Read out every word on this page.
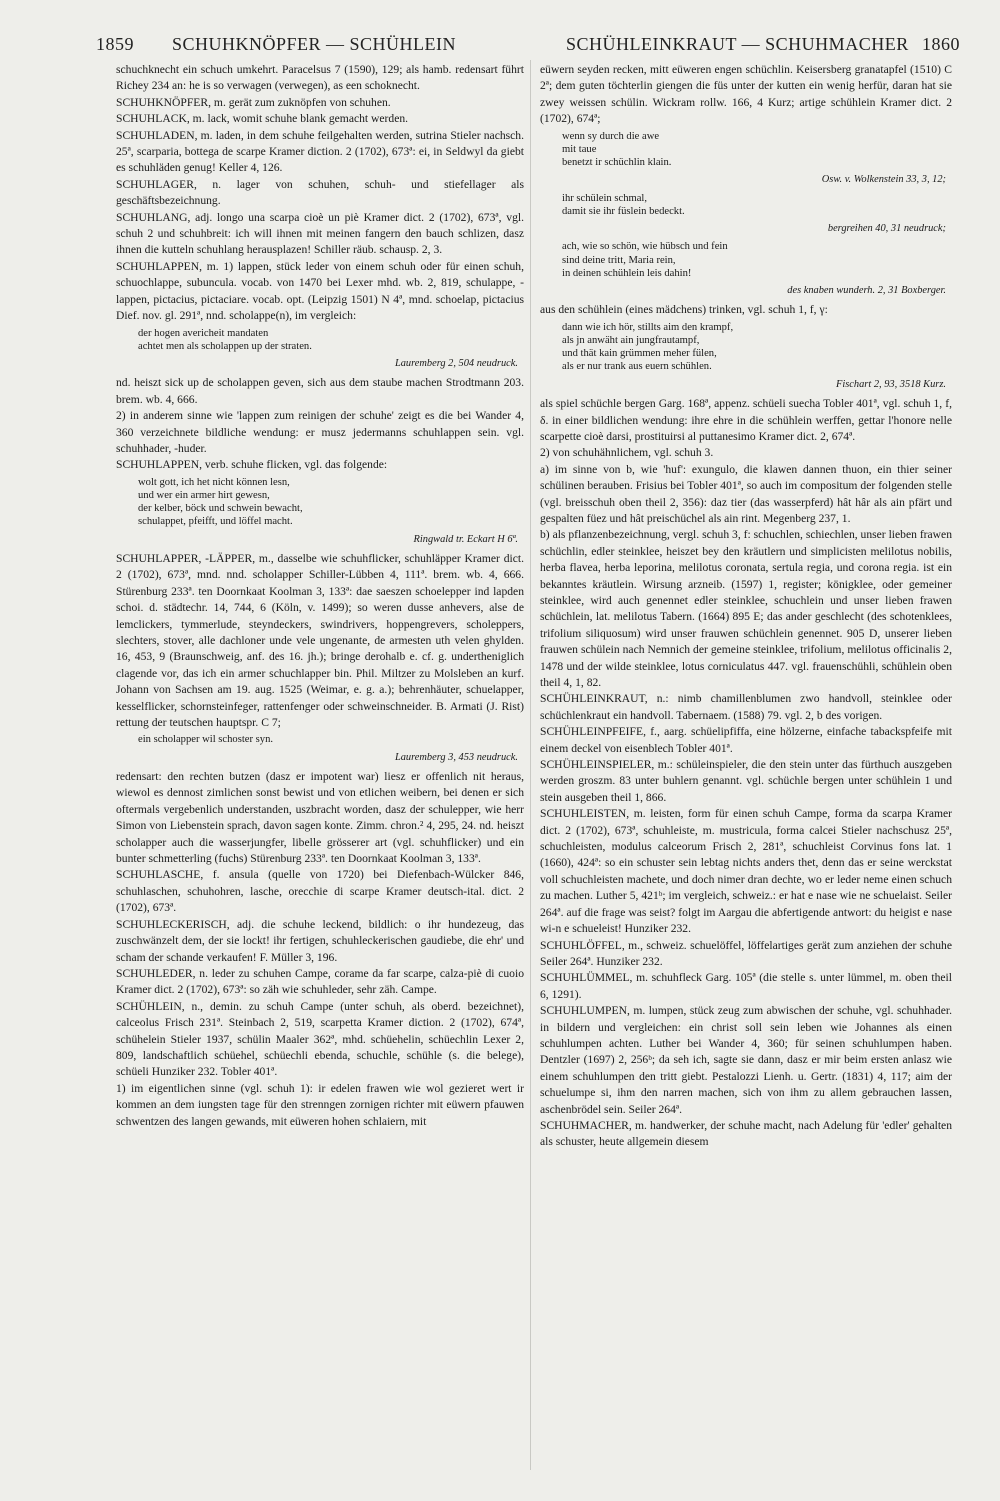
1859 SCHUHKNÖPFER — SCHÜHLEIN	SCHÜHLEINKRAUT — SCHUHMACHER 1860

schuchknecht ein schuch umkehrt. Paracelsus 7 (1590), 129; als hamb. redensart führt Richey 234 an: he is so verwagen (verwegen), as een schoknecht.

SCHUHKNÖPFER, m. gerät zum zuknöpfen von schuhen.

SCHUHLACK, m. lack, womit schuhe blank gemacht werden.

SCHUHLADEN, m. laden, in dem schuhe feilgehalten werden, sutrina Stieler nachsch. 25ª, scarparia, bottega de scarpe Kramer diction. 2 (1702), 673ª: ei, in Seldwyl da giebt es schuhläden genug! Keller 4, 126.

SCHUHLAGER, n. lager von schuhen, schuh- und stiefellager als geschäftsbezeichnung.

SCHUHLANG, adj. longo una scarpa cioè un piè Kramer dict. 2 (1702), 673ª, vgl. schuh 2 und schuhbreit: ich will ihnen mit meinen fangern den bauch schlizen, dasz ihnen die kutteln schuhlang herausplazen! Schiller räub. schausp. 2, 3.

SCHUHLAPPEN, m. 1) lappen, stück leder von einem schuh oder für einen schuh, schuochlappe, subuncula. vocab. von 1470 bei Lexer mhd. wb. 2, 819, schulappe, -lappen, pictacius, pictaciare. vocab. opt. (Leipzig 1501) N 4ª, mnd. schoelap, pictacius Dief. nov. gl. 291ª, nnd. scholappe(n), im vergleich:

der hogen avericheit mandaten
achtet men als scholappen up der straten.
Lauremberg 2, 504 neudruck.

nd. heiszt sick up de scholappen geven, sich aus dem staube machen Strodtmann 203. brem. wb. 4, 666.

2) in anderem sinne wie 'lappen zum reinigen der schuhe' zeigt es die bei Wander 4, 360 verzeichnete bildliche wendung: er musz jedermanns schuhlappen sein. vgl. schuhhader, -huder.

SCHUHLAPPEN, verb. schuhe flicken, vgl. das folgende:

wolt gott, ich het nicht können lesn,
und wer ein armer hirt gewesn,
der kelber, böck und schwein bewacht,
schulappet, pfeifft, und löffel macht.
Ringwald tr. Eckart H 6ª.

SCHUHLAPPER, -LÄPPER, m., dasselbe wie schuhflicker, schuhläpper Kramer dict. 2 (1702), 673ª, mnd. nnd. scholapper Schiller-Lübben 4, 111ª. brem. wb. 4, 666. Stürenburg 233ª. ten Doornkaat Koolman 3, 133ª: dae saeszen schoelepper ind lapden schoi. d. städtechr. 14, 744, 6 (Köln, v. 1499); so weren dusse anhevers, alse de lemclickers, tymmerlude, steyndeckers, swindrivers, hoppengrevers, scholeppers, slechters, stover, alle dachloner unde vele ungenante, de armesten uth velen ghylden. 16, 453, 9 (Braunschweig, anf. des 16. jh.); bringe derohalb e. cf. g. undertheniglich clagende vor, das ich ein armer schuchlapper bin. Phil. Miltzer zu Molsleben an kurf. Johann von Sachsen am 19. aug. 1525 (Weimar, e. g. a.); behrenhäuter, schuelapper, kesselflicker, schornsteinfeger, rattenfenger oder schweinschneider. B. Armati (J. Rist) rettung der teutschen hauptspr. C 7;

ein scholapper wil schoster syn.
Lauremberg 3, 453 neudruck.

redensart: den rechten butzen (dasz er impotent war) liesz er offenlich nit heraus, wiewol es dennost zimlichen sonst bewist und von etlichen weibern, bei denen er sich oftermals vergebenlich understanden, uszbracht worden, dasz der schulepper, wie herr Simon von Liebenstein sprach, davon sagen konte. Zimm. chron.² 4, 295, 24. nd. heiszt scholapper auch die wasserjungfer, libelle grösserer art (vgl. schuhflicker) und ein bunter schmetterling (fuchs) Stürenburg 233ª. ten Doornkaat Koolman 3, 133ª.

SCHUHLASCHE, f. ansula (quelle von 1720) bei Diefenbach-Wülcker 846, schuhlaschen, schuhohren, lasche, orecchie di scarpe Kramer deutsch-ital. dict. 2 (1702), 673ª.

SCHUHLECKERISCH, adj. die schuhe leckend, bildlich: o ihr hundezeug, das zuschwänzelt dem, der sie lockt! ihr fertigen, schuhleckerischen gaudiebe, die ehr' und scham der schande verkaufen! F. Müller 3, 196.

SCHUHLEDER, n. leder zu schuhen Campe, corame da far scarpe, calza-piè di cuoio Kramer dict. 2 (1702), 673ª: so zäh wie schuhleder, sehr zäh. Campe.

SCHÜHLEIN, n., demin. zu schuh Campe (unter schuh, als oberd. bezeichnet), calceolus Frisch 231ª. Steinbach 2, 519, scarpetta Kramer diction. 2 (1702), 674ª, schühelein Stieler 1937, schülin Maaler 362ª, mhd. schüehelin, schüechlin Lexer 2, 809, landschaftlich schüehel, schüechli ebenda, schuchle, schühle (s. die belege), schüeli Hunziker 232. Tobler 401ª.

1) im eigentlichen sinne (vgl. schuh 1): ir edelen frawen wie wol gezieret wert ir kommen an dem iungsten tage für den strenngen zornigen richter mit eüwern pfauwen schwentzen des langen gewands, mit eüweren hohen schlaiern, mit

eüwern seyden recken, mitt eüweren engen schüchlin. Keisersberg granatapfel (1510) C 2ª; dem guten töchterlin giengen die füs unter der kutten ein wenig herfür, daran hat sie zwey weissen schülin. Wickram rollw. 166, 4 Kurz; artige schühlein Kramer dict. 2 (1702), 674ª;

wenn sy durch die awe
mit taue
benetzt ir schüchlin klain.
Osw. v. Wolkenstein 33, 3, 12;
ihr schülein schmal,
damit sie ihr füslein bedeckt.
bergreihen 40, 31 neudruck;
ach, wie so schön, wie hübsch und fein
sind deine tritt, Maria rein,
in deinen schühlein leis dahin!
des knaben wunderh. 2, 31 Boxberger.

aus den schühlein (eines mädchens) trinken, vgl. schuh 1, f, γ:

dann wie ich hör, stillts aim den krampf,
als jn anwäht ain jungfrautampf,
und thät kain grümmen meher fülen,
als er nur trank aus euern schühlen.
Fischart 2, 93, 3518 Kurz.

als spiel schüchle bergen Garg. 168ª, appenz. schüeli suecha Tobler 401ª, vgl. schuh 1, f, δ. in einer bildlichen wendung: ihre ehre in die schühlein werffen, gettar l'honore nelle scarpette cioè darsi, prostituirsi al puttanesimo Kramer dict. 2, 674ª.

2) von schuhähnlichem, vgl. schuh 3.

a) im sinne von b, wie 'huf': exungulo, die klawen dannen thuon, ein thier seiner schülinen berauben. Frisius bei Tobler 401ª, so auch im compositum der folgenden stelle (vgl. breisschuh oben theil 2, 356): daz tier (das wasserpferd) hât hâr als ain pfärt und gespalten füez und hât preischüchel als ain rint. Megenberg 237, 1.

b) als pflanzenbezeichnung, vergl. schuh 3, f: schuchlen, schiechlen, unser lieben frawen schüchlin, edler steinklee, heiszet bey den kräutlern und simplicisten melilotus nobilis, herba flavea, herba leporina, melilotus coronata, sertula regia, und corona regia. ist ein bekanntes kräutlein. Wirsung arzneib. (1597) 1, register; königklee, oder gemeiner steinklee, wird auch genennet edler steinklee, schuchlein und unser lieben frawen schüchlein, lat. melilotus Tabern. (1664) 895 E; das ander geschlecht (des schotenklees, trifolium siliquosum) wird unser frauwen schüchlein genennet. 905 D, unserer lieben frauwen schülein nach Nemnich der gemeine steinklee, trifolium, melilotus officinalis 2, 1478 und der wilde steinklee, lotus corniculatus 447. vgl. frauenschühli, schühlein oben theil 4, 1, 82.

SCHÜHLEINKRAUT, n.: nimb chamillenblumen zwo handvoll, steinklee oder schüchlenkraut ein handvoll. Tabernaem. (1588) 79. vgl. 2, b des vorigen.

SCHÜHLEINPFEIFE, f., aarg. schüelipfiffa, eine hölzerne, einfache tabackspfeife mit einem deckel von eisenblech Tobler 401ª.

SCHÜHLEINSPIELER, m.: schüleinspieler, die den stein unter das fürthuch auszgeben werden groszm. 83 unter buhlern genannt. vgl. schüchle bergen unter schühlein 1 und stein ausgeben theil 1, 866.

SCHUHLEISTEN, m. leisten, form für einen schuh Campe, forma da scarpa Kramer dict. 2 (1702), 673ª, schuhleiste, m. mustricula, forma calcei Stieler nachschusz 25ª, schuchleisten, modulus calceorum Frisch 2, 281ª, schuchleist Corvinus fons lat. 1 (1660), 424ª: so ein schuster sein lebtag nichts anders thet, denn das er seine werckstat voll schuchleisten machete, und doch nimer dran dechte, wo er leder neme einen schuch zu machen. Luther 5, 421ᵇ; im vergleich, schweiz.: er hat e nase wie ne schuelaist. Seiler 264ª. auf die frage was seist? folgt im Aargau die abfertigende antwort: du heigist e nase wi-n e schueleist! Hunziker 232.

SCHUHLÖFFEL, m., schweiz. schuelöffel, löffelartiges gerät zum anziehen der schuhe Seiler 264ª. Hunziker 232.

SCHUHLÜMMEL, m. schuhfleck Garg. 105ª (die stelle s. unter lümmel, m. oben theil 6, 1291).

SCHUHLUMPEN, m. lumpen, stück zeug zum abwischen der schuhe, vgl. schuhhader. in bildern und vergleichen: ein christ soll sein leben wie Johannes als einen schuhlumpen achten. Luther bei Wander 4, 360; für seinen schuhlumpen haben. Dentzler (1697) 2, 256ᵇ; da seh ich, sagte sie dann, dasz er mir beim ersten anlasz wie einem schuhlumpen den tritt giebt. Pestalozzi Lienh. u. Gertr. (1831) 4, 117; aim der schuelumpe si, ihm den narren machen, sich von ihm zu allem gebrauchen lassen, aschenbrödel sein. Seiler 264ª.

SCHUHMACHER, m. handwerker, der schuhe macht, nach Adelung für 'edler' gehalten als schuster, heute allgemein diesem
